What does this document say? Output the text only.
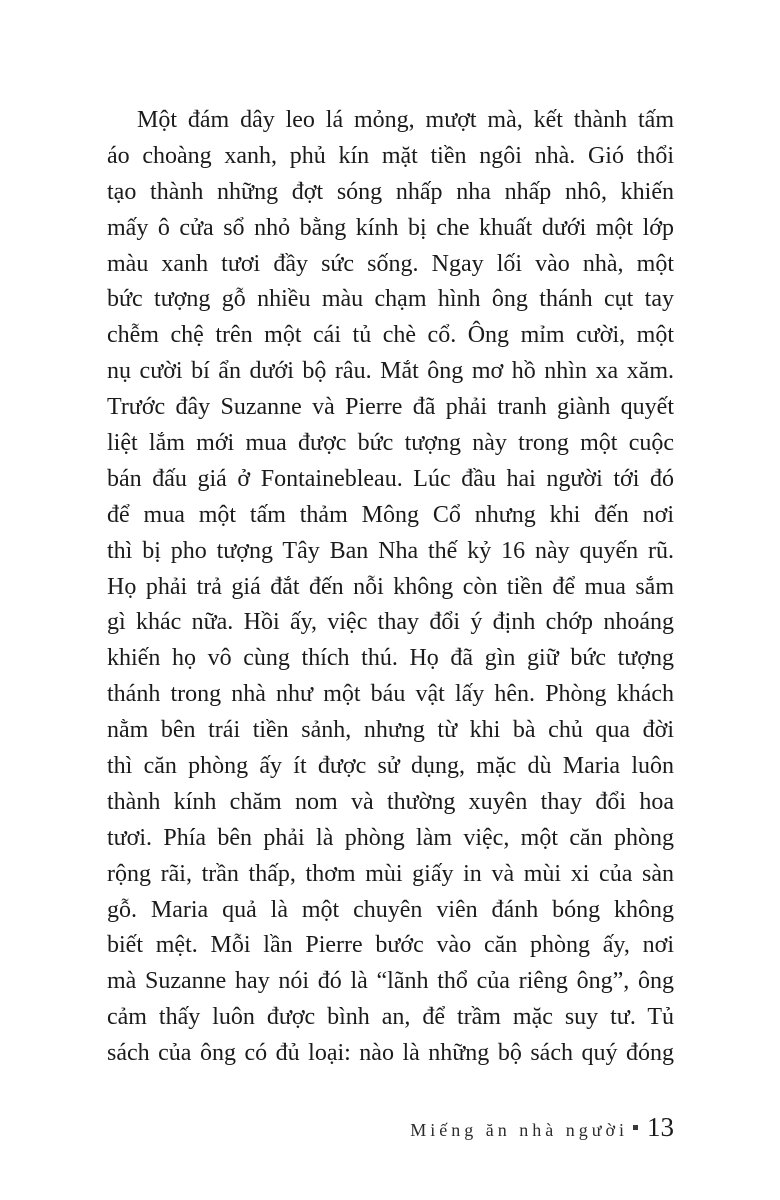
Một đám dây leo lá mỏng, mượt mà, kết thành tấm
áo choàng xanh, phủ kín mặt tiền ngôi nhà. Gió thổi
tạo thành những đợt sóng nhấp nha nhấp nhô, khiến
mấy ô cửa sổ nhỏ bằng kính bị che khuất dưới một lớp
màu xanh tươi đầy sức sống. Ngay lối vào nhà, một
bức tượng gỗ nhiều màu chạm hình ông thánh cụt tay
chễm chệ trên một cái tủ chè cổ. Ông mỉm cười, một
nụ cười bí ẩn dưới bộ râu. Mắt ông mơ hồ nhìn xa xăm.
Trước đây Suzanne và Pierre đã phải tranh giành quyết
liệt lắm mới mua được bức tượng này trong một cuộc
bán đấu giá ở Fontainebleau. Lúc đầu hai người tới đó
để mua một tấm thảm Mông Cổ nhưng khi đến nơi
thì bị pho tượng Tây Ban Nha thế kỷ 16 này quyến rũ.
Họ phải trả giá đắt đến nỗi không còn tiền để mua sắm
gì khác nữa. Hồi ấy, việc thay đổi ý định chớp nhoáng
khiến họ vô cùng thích thú. Họ đã gìn giữ bức tượng
thánh trong nhà như một báu vật lấy hên. Phòng khách
nằm bên trái tiền sảnh, nhưng từ khi bà chủ qua đời
thì căn phòng ấy ít được sử dụng, mặc dù Maria luôn
thành kính chăm nom và thường xuyên thay đổi hoa
tươi. Phía bên phải là phòng làm việc, một căn phòng
rộng rãi, trần thấp, thơm mùi giấy in và mùi xi của sàn
gỗ. Maria quả là một chuyên viên đánh bóng không
biết mệt. Mỗi lần Pierre bước vào căn phòng ấy, nơi
mà Suzanne hay nói đó là “lãnh thổ của riêng ông”, ông
cảm thấy luôn được bình an, để trầm mặc suy tư. Tủ
sách của ông có đủ loại: nào là những bộ sách quý đóng
Miếng ăn nhà người 13
